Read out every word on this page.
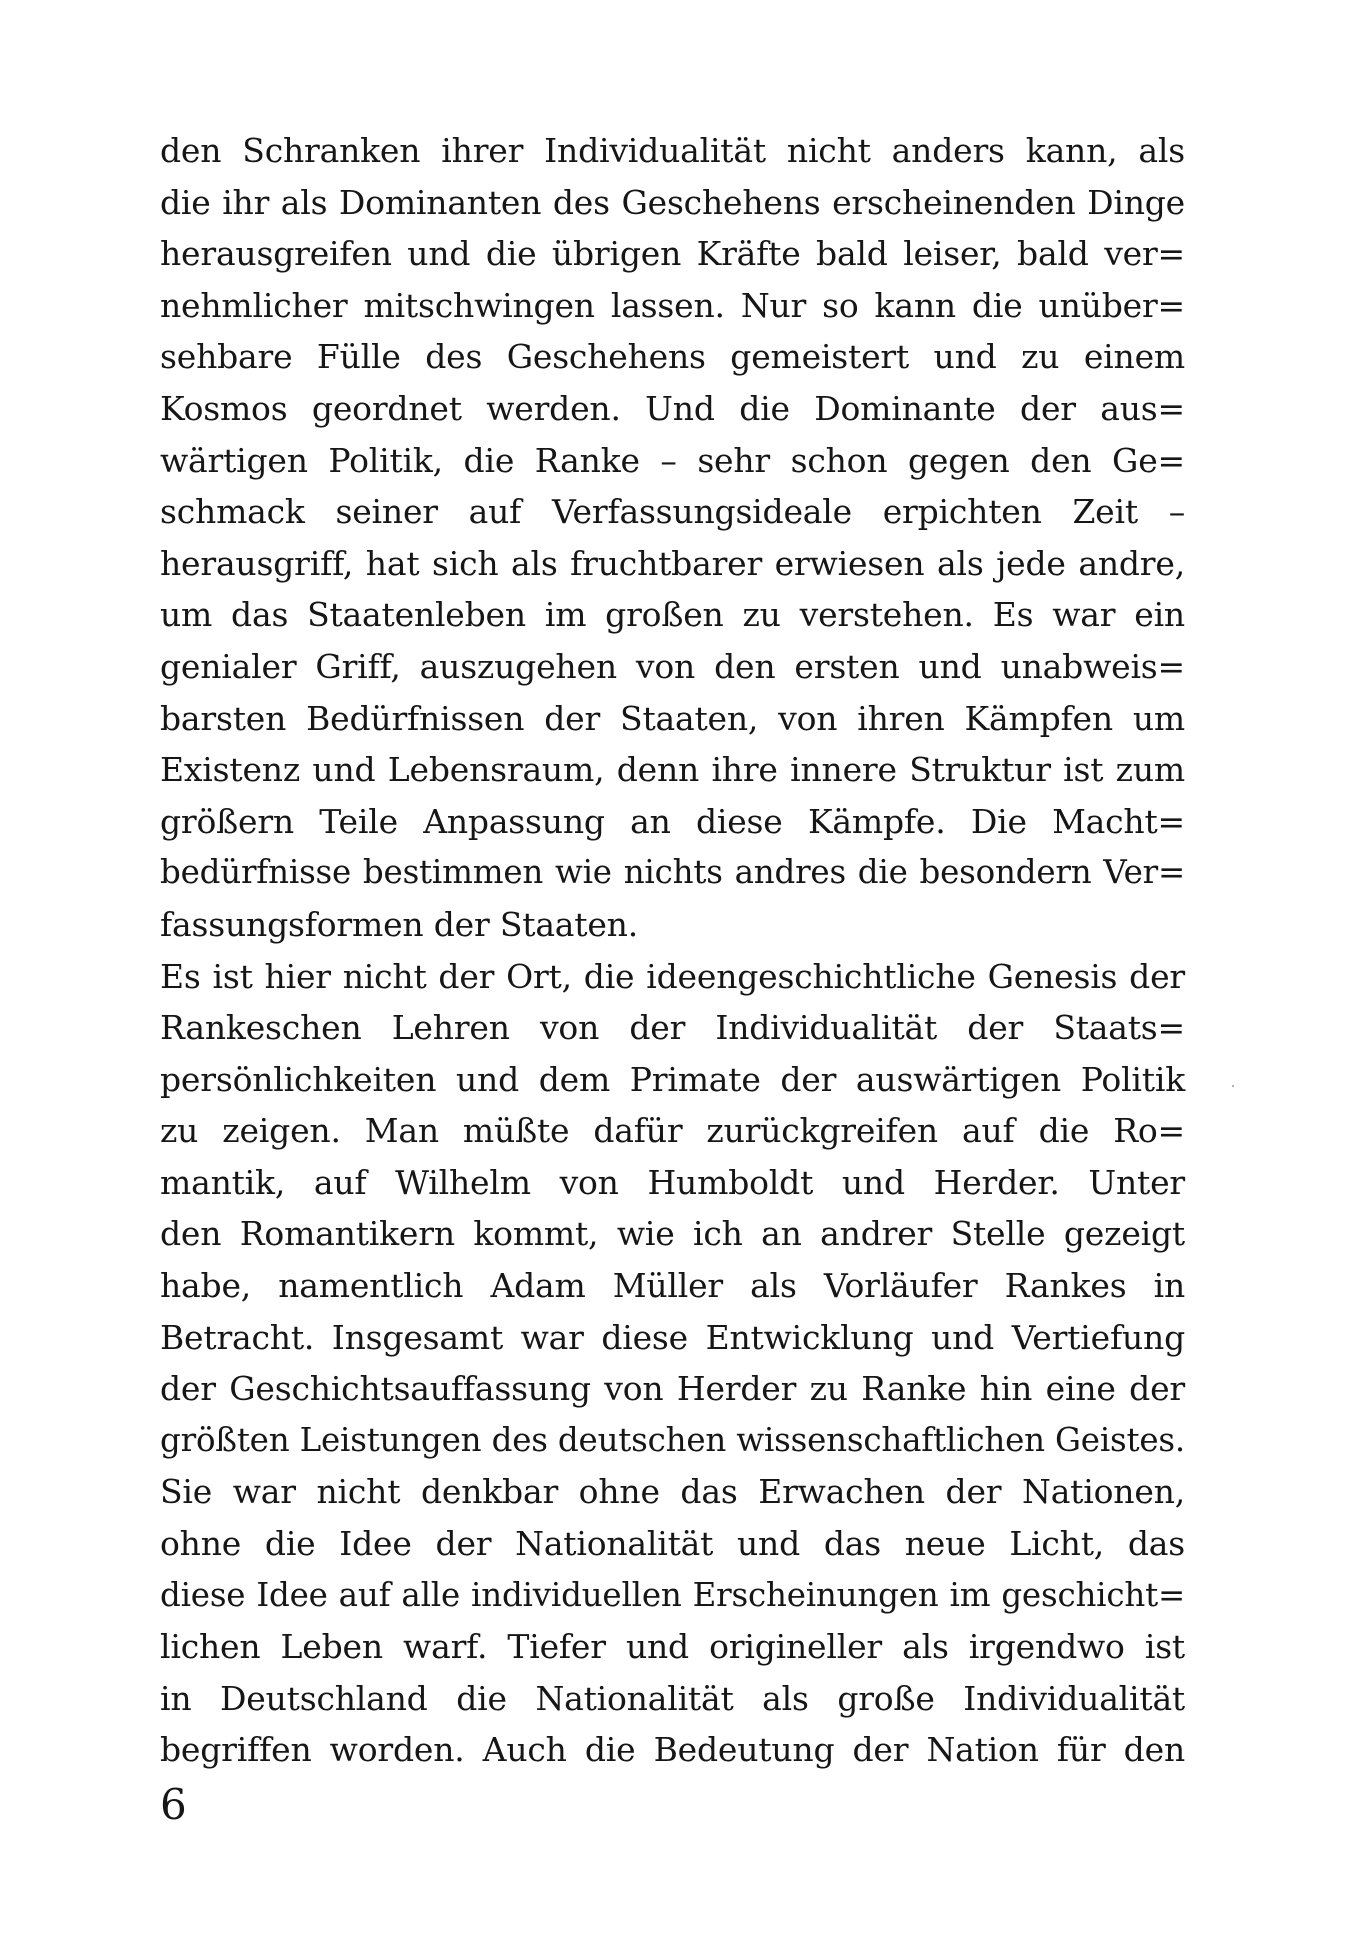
den Schranken ihrer Individualität nicht anders kann, als
die ihr als Dominanten des Geschehens erscheinenden Dinge
herausgreifen und die übrigen Kräfte bald leiser, bald ver=
nehmlicher mitschwingen lassen. Nur so kann die unüber=
sehbare Fülle des Geschehens gemeistert und zu einem
Kosmos geordnet werden. Und die Dominante der aus=
wärtigen Politik, die Ranke – sehr schon gegen den Ge=
schmack seiner auf Verfassungsideale erpichten Zeit –
herausgriff, hat sich als fruchtbarer erwiesen als jede andre,
um das Staatenleben im großen zu verstehen. Es war ein
genialer Griff, auszugehen von den ersten und unabweis=
barsten Bedürfnissen der Staaten, von ihren Kämpfen um
Existenz und Lebensraum, denn ihre innere Struktur ist zum
größern Teile Anpassung an diese Kämpfe. Die Macht=
bedürfnisse bestimmen wie nichts andres die besondern Ver=
fassungsformen der Staaten.
Es ist hier nicht der Ort, die ideengeschichtliche Genesis der
Rankeschen Lehren von der Individualität der Staats=
persönlichkeiten und dem Primate der auswärtigen Politik
zu zeigen. Man müßte dafür zurückgreifen auf die Ro=
mantik, auf Wilhelm von Humboldt und Herder. Unter
den Romantikern kommt, wie ich an andrer Stelle gezeigt
habe, namentlich Adam Müller als Vorläufer Rankes in
Betracht. Insgesamt war diese Entwicklung und Vertiefung
der Geschichtsauffassung von Herder zu Ranke hin eine der
größten Leistungen des deutschen wissenschaftlichen Geistes.
Sie war nicht denkbar ohne das Erwachen der Nationen,
ohne die Idee der Nationalität und das neue Licht, das
diese Idee auf alle individuellen Erscheinungen im geschicht=
lichen Leben warf. Tiefer und origineller als irgendwo ist
in Deutschland die Nationalität als große Individualität
begriffen worden. Auch die Bedeutung der Nation für den
6
